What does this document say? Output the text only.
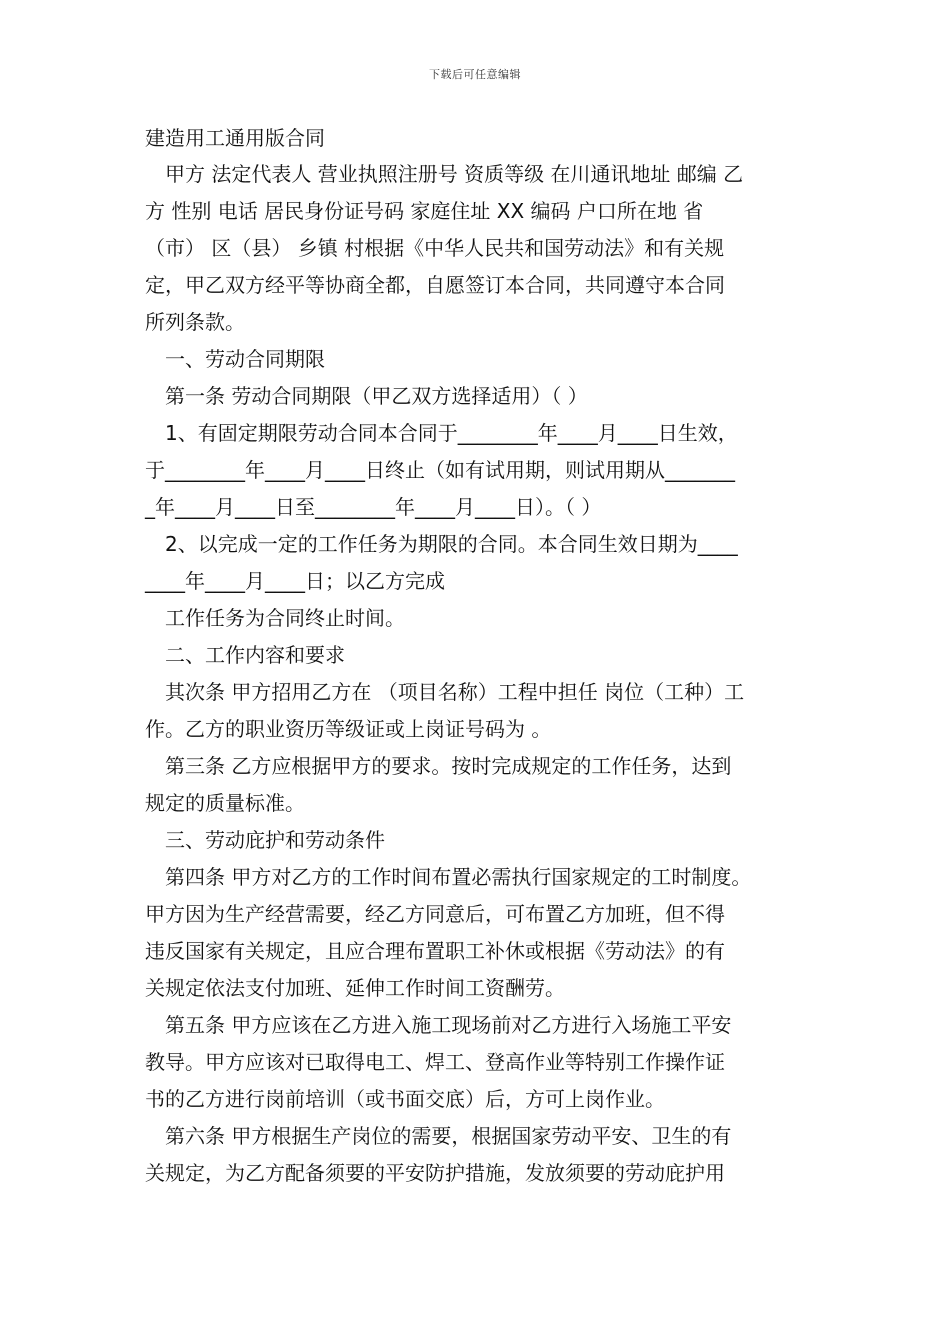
下载后可任意编辑
建造用工通用版合同
甲方 法定代表人 营业执照注册号 资质等级 在川通讯地址 邮编 乙
方 性别 电话 居民身份证号码 家庭住址 XX 编码 户口所在地 省
（市） 区（县） 乡镇 村根据《中华人民共和国劳动法》和有关规
定，甲乙双方经平等协商全都，自愿签订本合同，共同遵守本合同
所列条款。
一、劳动合同期限
第一条 劳动合同期限（甲乙双方选择适用）（ ）
1、有固定期限劳动合同本合同于________年____月____日生效，
于________年____月____日终止（如有试用期，则试用期从_______
_年____月____日至________年____月____日）。（ ）
2、以完成一定的工作任务为期限的合同。本合同生效日期为____
____年____月____日；以乙方完成
工作任务为合同终止时间。
二、工作内容和要求
其次条 甲方招用乙方在 （项目名称）工程中担任 岗位（工种）工
作。乙方的职业资历等级证或上岗证号码为 。
第三条 乙方应根据甲方的要求。按时完成规定的工作任务，达到
规定的质量标准。
三、劳动庇护和劳动条件
第四条 甲方对乙方的工作时间布置必需执行国家规定的工时制度。
甲方因为生产经营需要，经乙方同意后，可布置乙方加班，但不得
违反国家有关规定，且应合理布置职工补休或根据《劳动法》的有
关规定依法支付加班、延伸工作时间工资酬劳。
第五条 甲方应该在乙方进入施工现场前对乙方进行入场施工平安
教导。甲方应该对已取得电工、焊工、登高作业等特别工作操作证
书的乙方进行岗前培训（或书面交底）后，方可上岗作业。
第六条 甲方根据生产岗位的需要，根据国家劳动平安、卫生的有
关规定，为乙方配备须要的平安防护措施，发放须要的劳动庇护用
